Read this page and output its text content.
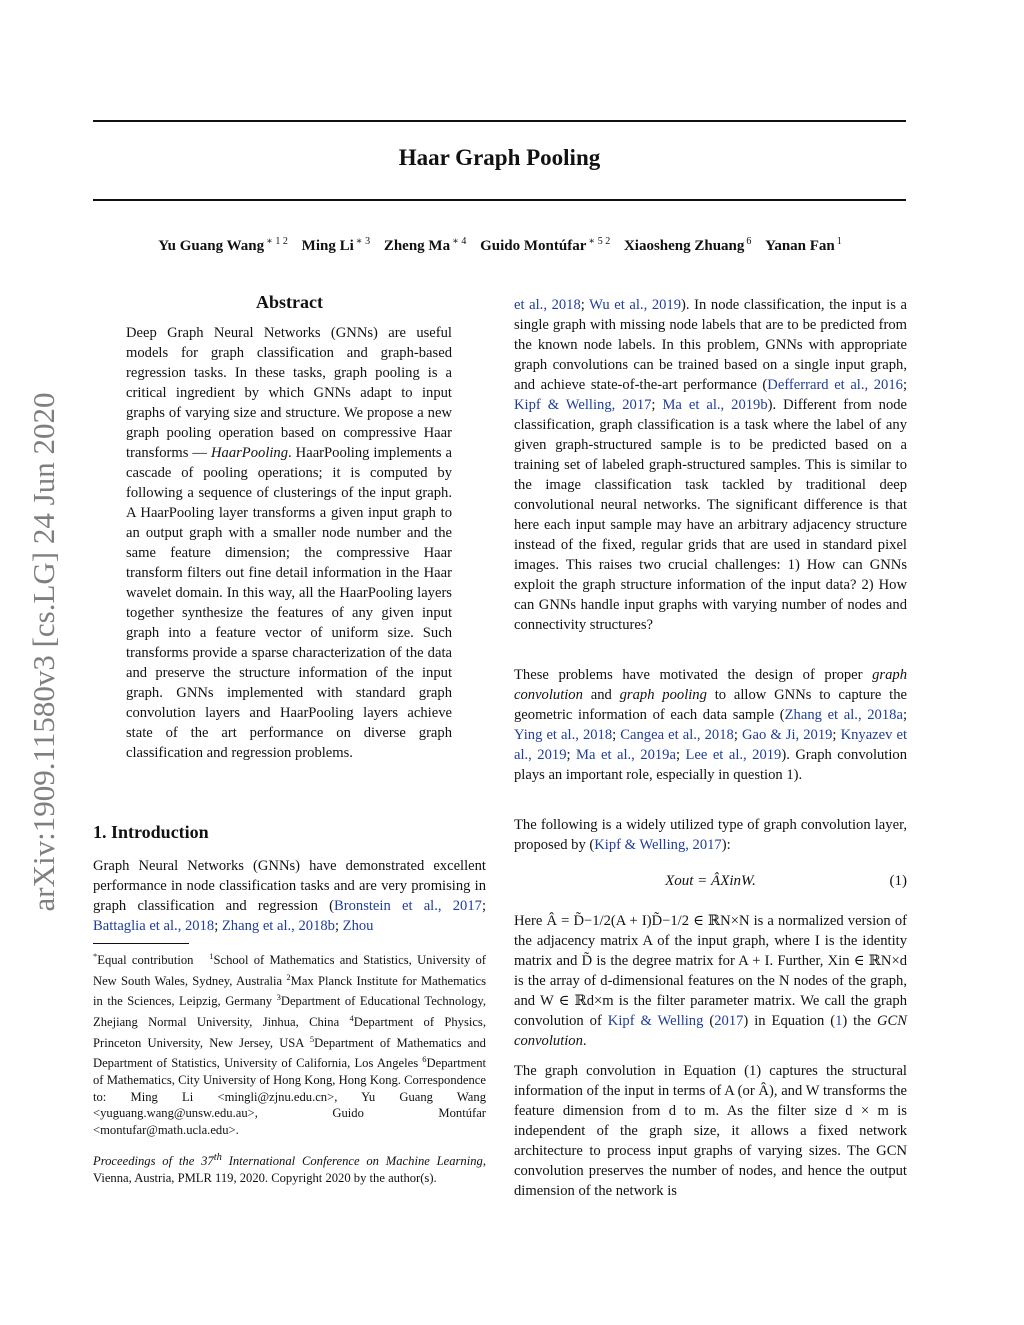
arXiv:1909.11580v3 [cs.LG] 24 Jun 2020
Haar Graph Pooling
Yu Guang Wang $^{∗ 1 2}$ Ming Li $^{∗ 3}$ Zheng Ma $^{∗ 4}$ Guido Montúfar $^{∗ 5 2}$ Xiaosheng Zhuang $^6$ Yanan Fan $^1$
Abstract

Deep Graph Neural Networks (GNNs) are useful models for graph classification and graph-based regression tasks. In these tasks, graph pooling is a critical ingredient by which GNNs adapt to input graphs of varying size and structure. We propose a new graph pooling operation based on compressive Haar transforms — HaarPooling. HaarPooling implements a cascade of pooling operations; it is computed by following a sequence of clusterings of the input graph. A HaarPooling layer transforms a given input graph to an output graph with a smaller node number and the same feature dimension; the compressive Haar transform filters out fine detail information in the Haar wavelet domain. In this way, all the HaarPooling layers together synthesize the features of any given input graph into a feature vector of uniform size. Such transforms provide a sparse characterization of the data and preserve the structure information of the input graph. GNNs implemented with standard graph convolution layers and HaarPooling layers achieve state of the art performance on diverse graph classification and regression problems.

1. Introduction

Graph Neural Networks (GNNs) have demonstrated excellent performance in node classification tasks and are very promising in graph classification and regression (Bronstein et al., 2017; Battaglia et al., 2018; Zhang et al., 2018b; Zhou

*Equal contribution $^1$School of Mathematics and Statistics, University of New South Wales, Sydney, Australia $^2$Max Planck Institute for Mathematics in the Sciences, Leipzig, Germany $^3$Department of Educational Technology, Zhejiang Normal University, Jinhua, China $^4$Department of Physics, Princeton University, New Jersey, USA $^5$Department of Mathematics and Department of Statistics, University of California, Los Angeles $^6$Department of Mathematics, City University of Hong Kong, Hong Kong. Correspondence to: Ming Li <mingli@zjnu.edu.cn>, Yu Guang Wang <yuguang.wang@unsw.edu.au>, Guido Montúfar <montufar@math.ucla.edu>.
Proceedings of the 37th International Conference on Machine Learning, Vienna, Austria, PMLR 119, 2020. Copyright 2020 by the author(s).

et al., 2018; Wu et al., 2019). In node classification, the input is a single graph with missing node labels that are to be predicted from the known node labels. In this problem, GNNs with appropriate graph convolutions can be trained based on a single input graph, and achieve state-of-the-art performance (Defferrard et al., 2016; Kipf & Welling, 2017; Ma et al., 2019b). Different from node classification, graph classification is a task where the label of any given graph-structured sample is to be predicted based on a training set of labeled graph-structured samples. This is similar to the image classification task tackled by traditional deep convolutional neural networks. The significant difference is that here each input sample may have an arbitrary adjacency structure instead of the fixed, regular grids that are used in standard pixel images. This raises two crucial challenges: 1) How can GNNs exploit the graph structure information of the input data? 2) How can GNNs handle input graphs with varying number of nodes and connectivity structures?

These problems have motivated the design of proper graph convolution and graph pooling to allow GNNs to capture the geometric information of each data sample (Zhang et al., 2018a; Ying et al., 2018; Cangea et al., 2018; Gao & Ji, 2019; Knyazev et al., 2019; Ma et al., 2019a; Lee et al., 2019). Graph convolution plays an important role, especially in question 1).

The following is a widely utilized type of graph convolution layer, proposed by (Kipf & Welling, 2017):

Xout = ÂXinW.	(1)

Here Â = D̃−1/2(A + I)D̃−1/2 ∈ ℝN×N is a normalized version of the adjacency matrix A of the input graph, where I is the identity matrix and D̃ is the degree matrix for A + I. Further, Xin ∈ ℝN×d is the array of d-dimensional features on the N nodes of the graph, and W ∈ ℝd×m is the filter parameter matrix. We call the graph convolution of Kipf & Welling (2017) in Equation (1) the GCN convolution.

The graph convolution in Equation (1) captures the structural information of the input in terms of A (or Â), and W transforms the feature dimension from d to m. As the filter size d × m is independent of the graph size, it allows a fixed network architecture to process input graphs of varying sizes. The GCN convolution preserves the number of nodes, and hence the output dimension of the network is
